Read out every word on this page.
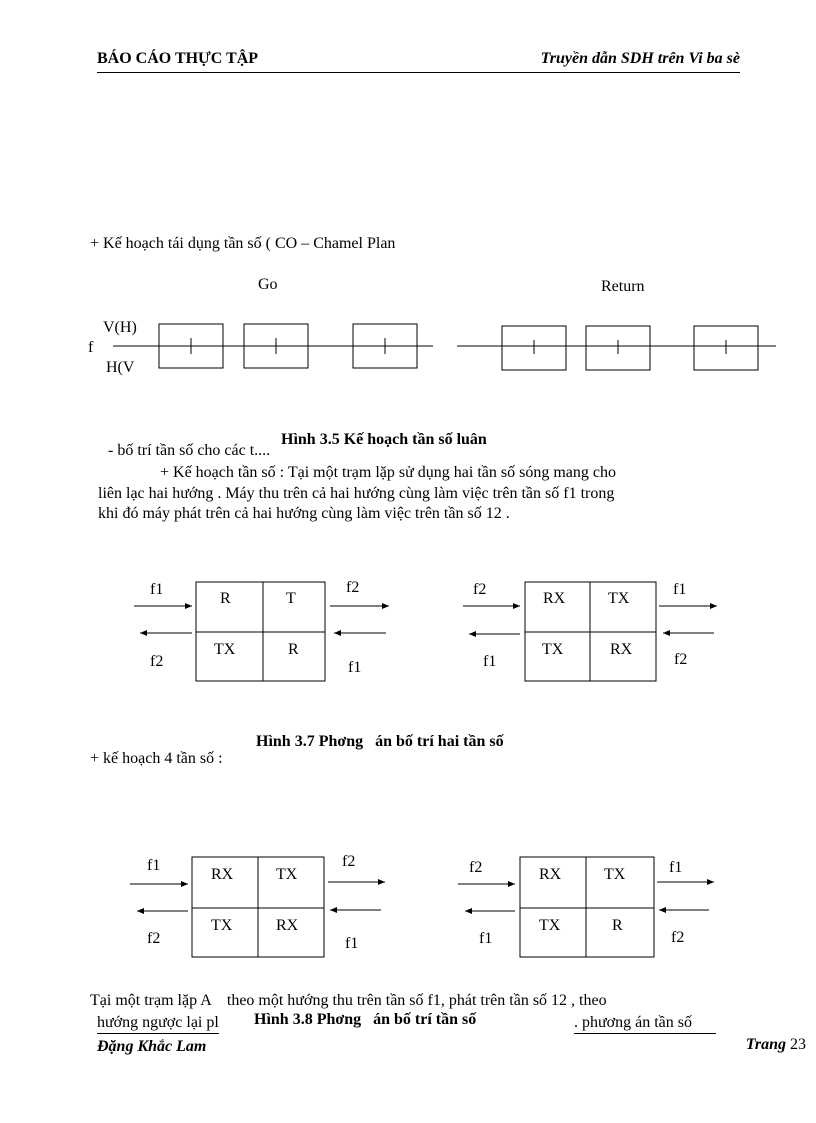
BÁO CÁO THỰC TẬP	Truyền dẫn SDH trên Vi ba sè
+ Kế hoạch tái dụng tần số ( CO – Chamel Plan
Go	Return
V(H)
f
H(V
- bố trí tần số cho các t....
Hình 3.5 Kế hoạch tần số luân
+ Kế hoạch tần số : Tại một trạm lặp sử dụng hai tần số sóng mang cho
liên lạc hai hướng . Máy thu trên cả hai hướng cùng làm việc trên tần số f1 trong
khi đó máy phát trên cả hai hướng cùng làm việc trên tần số 12 .
f1	f2
f2	f1
R	T
TX	R
f2	f1
f1	f2
RX	TX
TX	RX
Hình 3.7 Phơng   án bố trí hai tần số
+ kế hoạch 4 tần số :
f1	f2
f2	f1
RX	TX
TX	RX
f2	f1
f1	f2
RX	TX
TX	R
Tại một trạm lặp A    theo một hướng thu trên tần số f1, phát trên tần số 12 , theo
hướng ngược lại pl Hình 3.8 Phơng   án bố trí tần số	. phương án tần số
Đặng Khắc Lam	Trang 23
